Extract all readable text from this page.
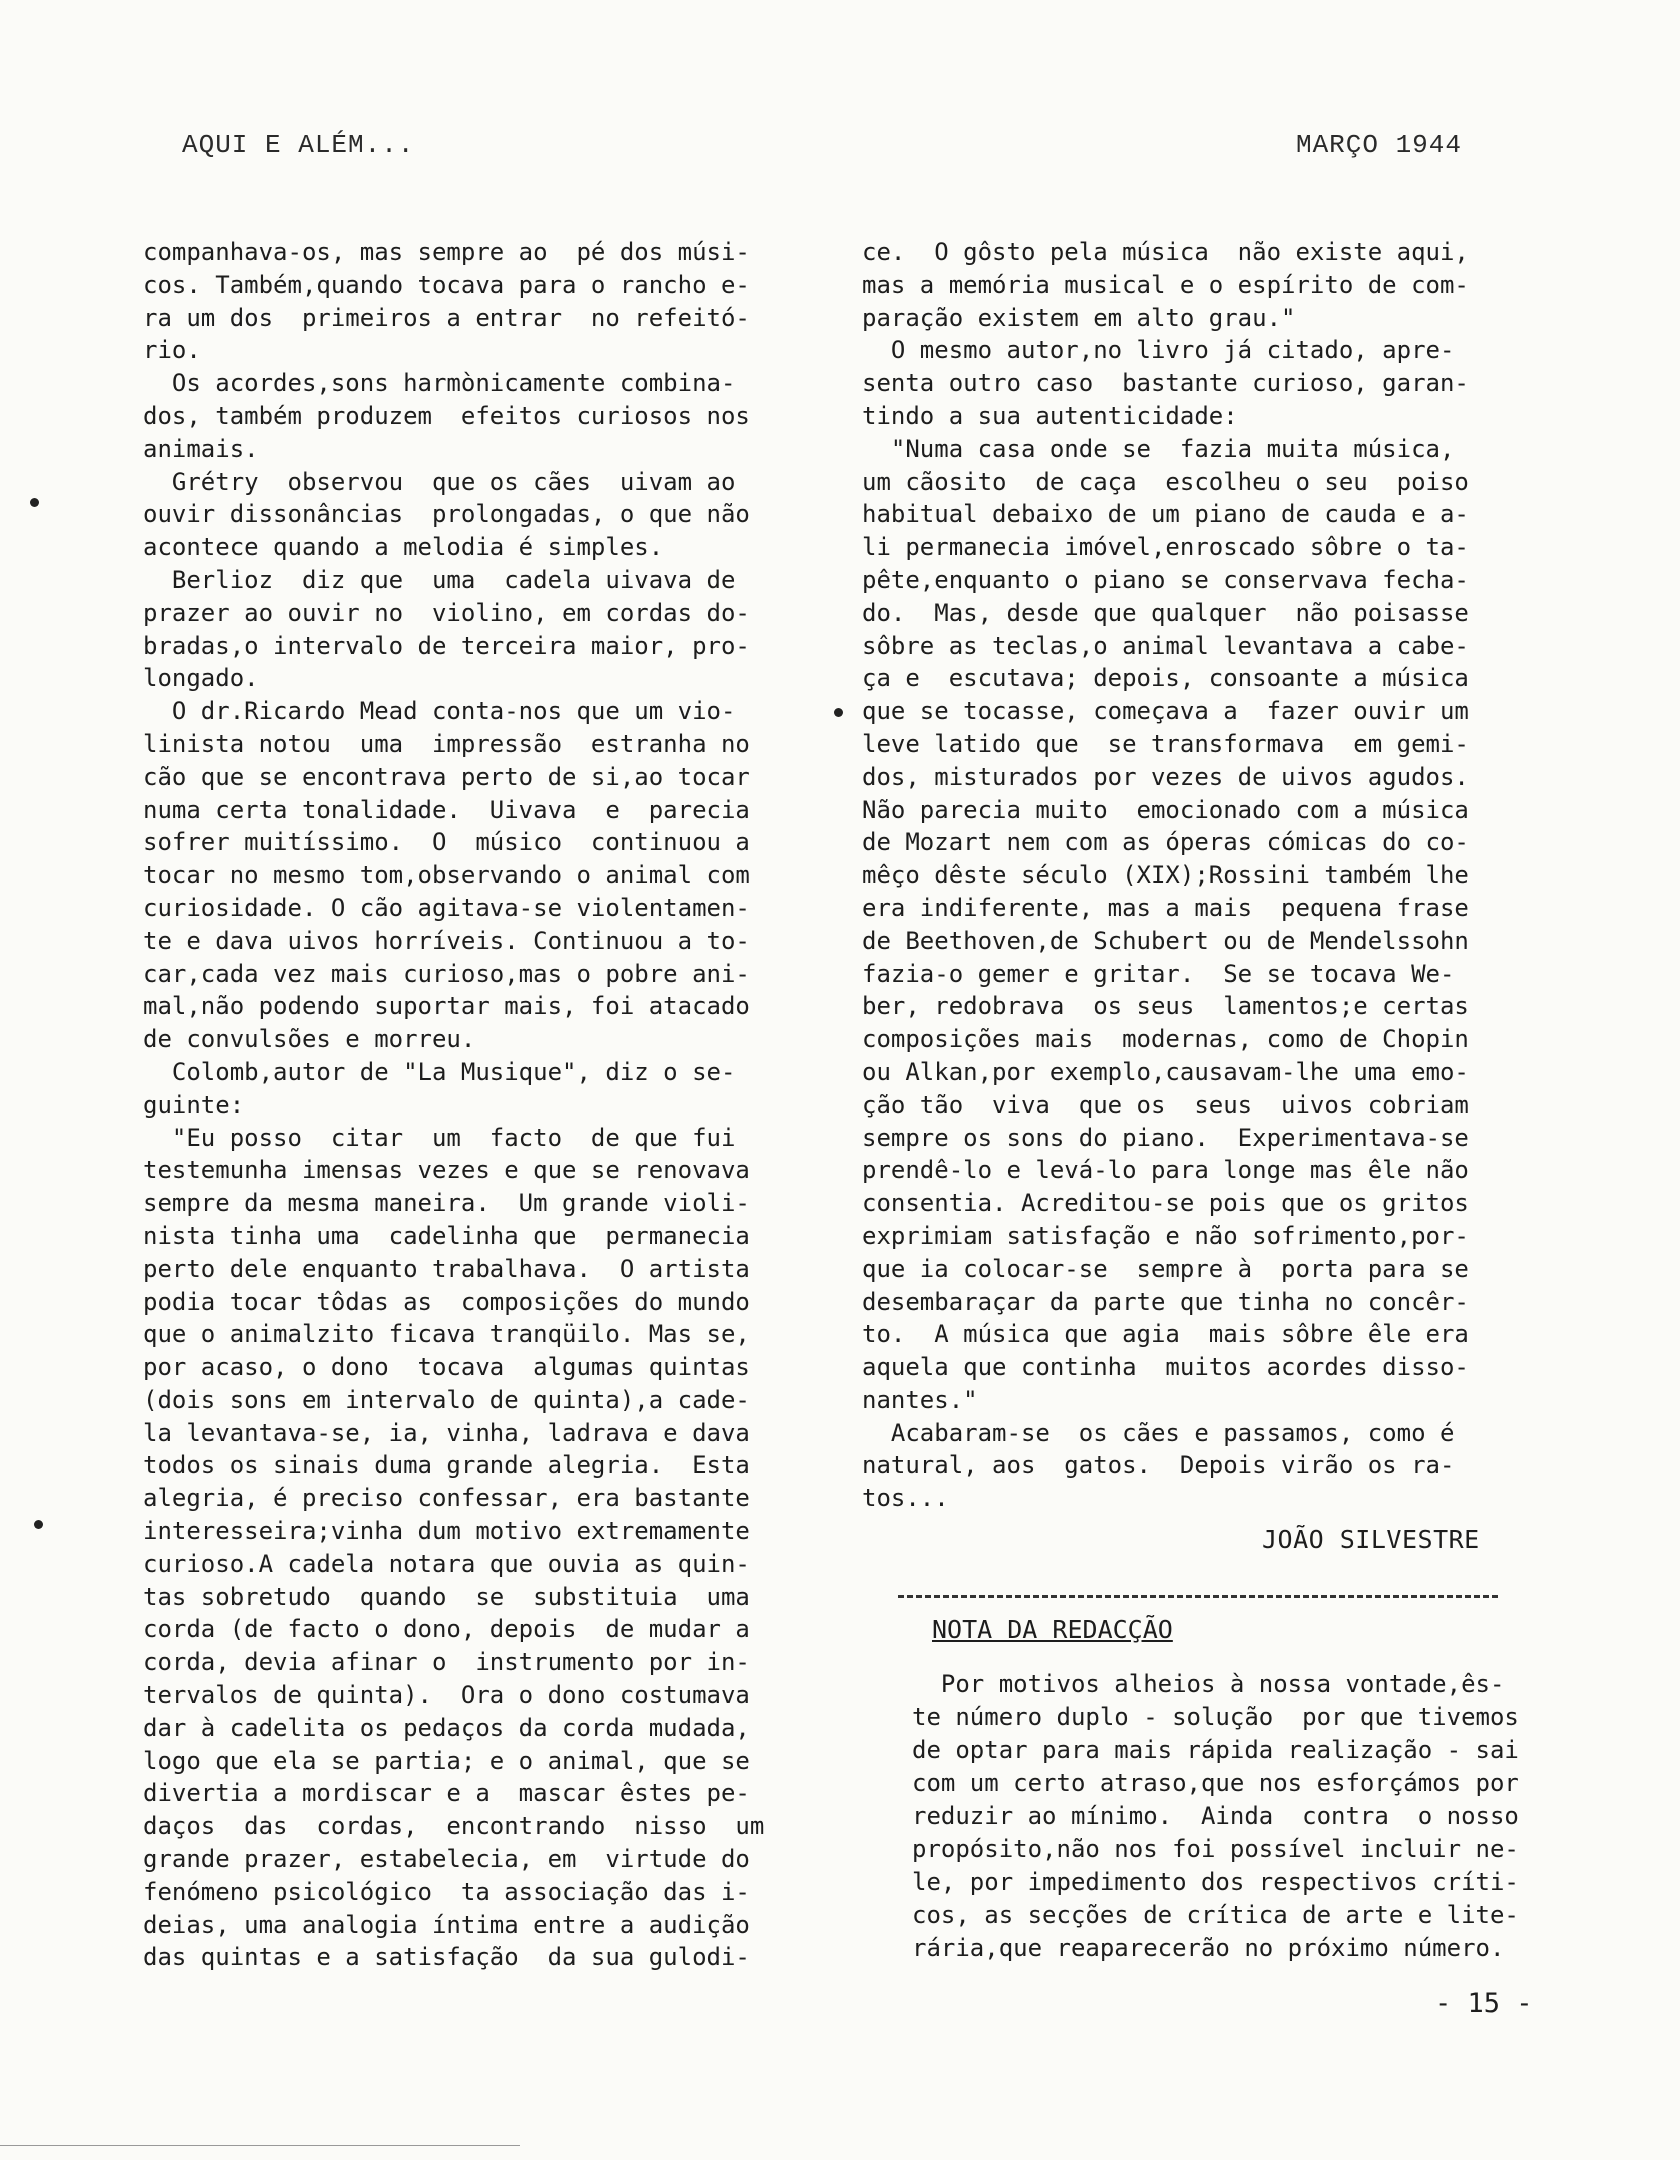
AQUI E ALÉM...	MARÇO 1944

companhava-os, mas sempre ao  pé dos músi-

cos. Também,quando tocava para o rancho e-

ra um dos  primeiros a entrar  no refeitó-

rio.

Os acordes,sons harmònicamente combina-

dos, também produzem  efeitos curiosos nos

animais.

Grétry  observou  que os cães  uivam ao

ouvir dissonâncias  prolongadas, o que não

acontece quando a melodia é simples.

Berlioz  diz que  uma  cadela uivava de

prazer ao ouvir no  violino, em cordas do-

bradas,o intervalo de terceira maior, pro-

longado.

O dr.Ricardo Mead conta-nos que um vio-

linista notou  uma  impressão  estranha no

cão que se encontrava perto de si,ao tocar

numa certa tonalidade.  Uivava  e  parecia

sofrer muitíssimo.  O  músico  continuou a

tocar no mesmo tom,observando o animal com

curiosidade. O cão agitava-se violentamen-

te e dava uivos horríveis. Continuou a to-

car,cada vez mais curioso,mas o pobre ani-

mal,não podendo suportar mais, foi atacado

de convulsões e morreu.

Colomb,autor de "La Musique", diz o se-

guinte:

"Eu posso  citar  um  facto  de que fui

testemunha imensas vezes e que se renovava

sempre da mesma maneira.  Um grande violi-

nista tinha uma  cadelinha que  permanecia

perto dele enquanto trabalhava.  O artista

podia tocar tôdas as  composições do mundo

que o animalzito ficava tranqüilo. Mas se,

por acaso, o dono  tocava  algumas quintas

(dois sons em intervalo de quinta),a cade-

la levantava-se, ia, vinha, ladrava e dava

todos os sinais duma grande alegria.  Esta

alegria, é preciso confessar, era bastante

interesseira;vinha dum motivo extremamente

curioso.A cadela notara que ouvia as quin-

tas sobretudo  quando  se  substituia  uma

corda (de facto o dono, depois  de mudar a

corda, devia afinar o  instrumento por in-

tervalos de quinta).  Ora o dono costumava

dar à cadelita os pedaços da corda mudada,

logo que ela se partia; e o animal, que se

divertia a mordiscar e a  mascar êstes pe-

daços  das  cordas,  encontrando  nisso  um

grande prazer, estabelecia, em  virtude do

fenómeno psicológico  ta associação das i-

deias, uma analogia íntima entre a audição

das quintas e a satisfação  da sua gulodi-

ce.  O gôsto pela música  não existe aqui,

mas a memória musical e o espírito de com-

paração existem em alto grau."

O mesmo autor,no livro já citado, apre-

senta outro caso  bastante curioso, garan-

tindo a sua autenticidade:

"Numa casa onde se  fazia muita música,

um cãosito  de caça  escolheu o seu  poiso

habitual debaixo de um piano de cauda e a-

li permanecia imóvel,enroscado sôbre o ta-

pête,enquanto o piano se conservava fecha-

do.  Mas, desde que qualquer  não poisasse

sôbre as teclas,o animal levantava a cabe-

ça e  escutava; depois, consoante a música

que se tocasse, começava a  fazer ouvir um

leve latido que  se transformava  em gemi-

dos, misturados por vezes de uivos agudos.

Não parecia muito  emocionado com a música

de Mozart nem com as óperas cómicas do co-

mêço dêste século (XIX);Rossini também lhe

era indiferente, mas a mais  pequena frase

de Beethoven,de Schubert ou de Mendelssohn

fazia-o gemer e gritar.  Se se tocava We-

ber, redobrava  os seus  lamentos;e certas

composições mais  modernas, como de Chopin

ou Alkan,por exemplo,causavam-lhe uma emo-

ção tão  viva  que os  seus  uivos cobriam

sempre os sons do piano.  Experimentava-se

prendê-lo e levá-lo para longe mas êle não

consentia. Acreditou-se pois que os gritos

exprimiam satisfação e não sofrimento,por-

que ia colocar-se  sempre à  porta para se

desembaraçar da parte que tinha no concêr-

to.  A música que agia  mais sôbre êle era

aquela que continha  muitos acordes disso-

nantes."

Acabaram-se  os cães e passamos, como é

natural, aos  gatos.  Depois virão os ra-

tos...

JOÃO SILVESTRE
NOTA DA REDACÇÃO

Por motivos alheios à nossa vontade,ês-

te número duplo - solução  por que tivemos

de optar para mais rápida realização - sai

com um certo atraso,que nos esforçámos por

reduzir ao mínimo.  Ainda  contra  o nosso

propósito,não nos foi possível incluir ne-

le, por impedimento dos respectivos críti-

cos, as secções de crítica de arte e lite-

rária,que reaparecerão no próximo número.

- 15 -
